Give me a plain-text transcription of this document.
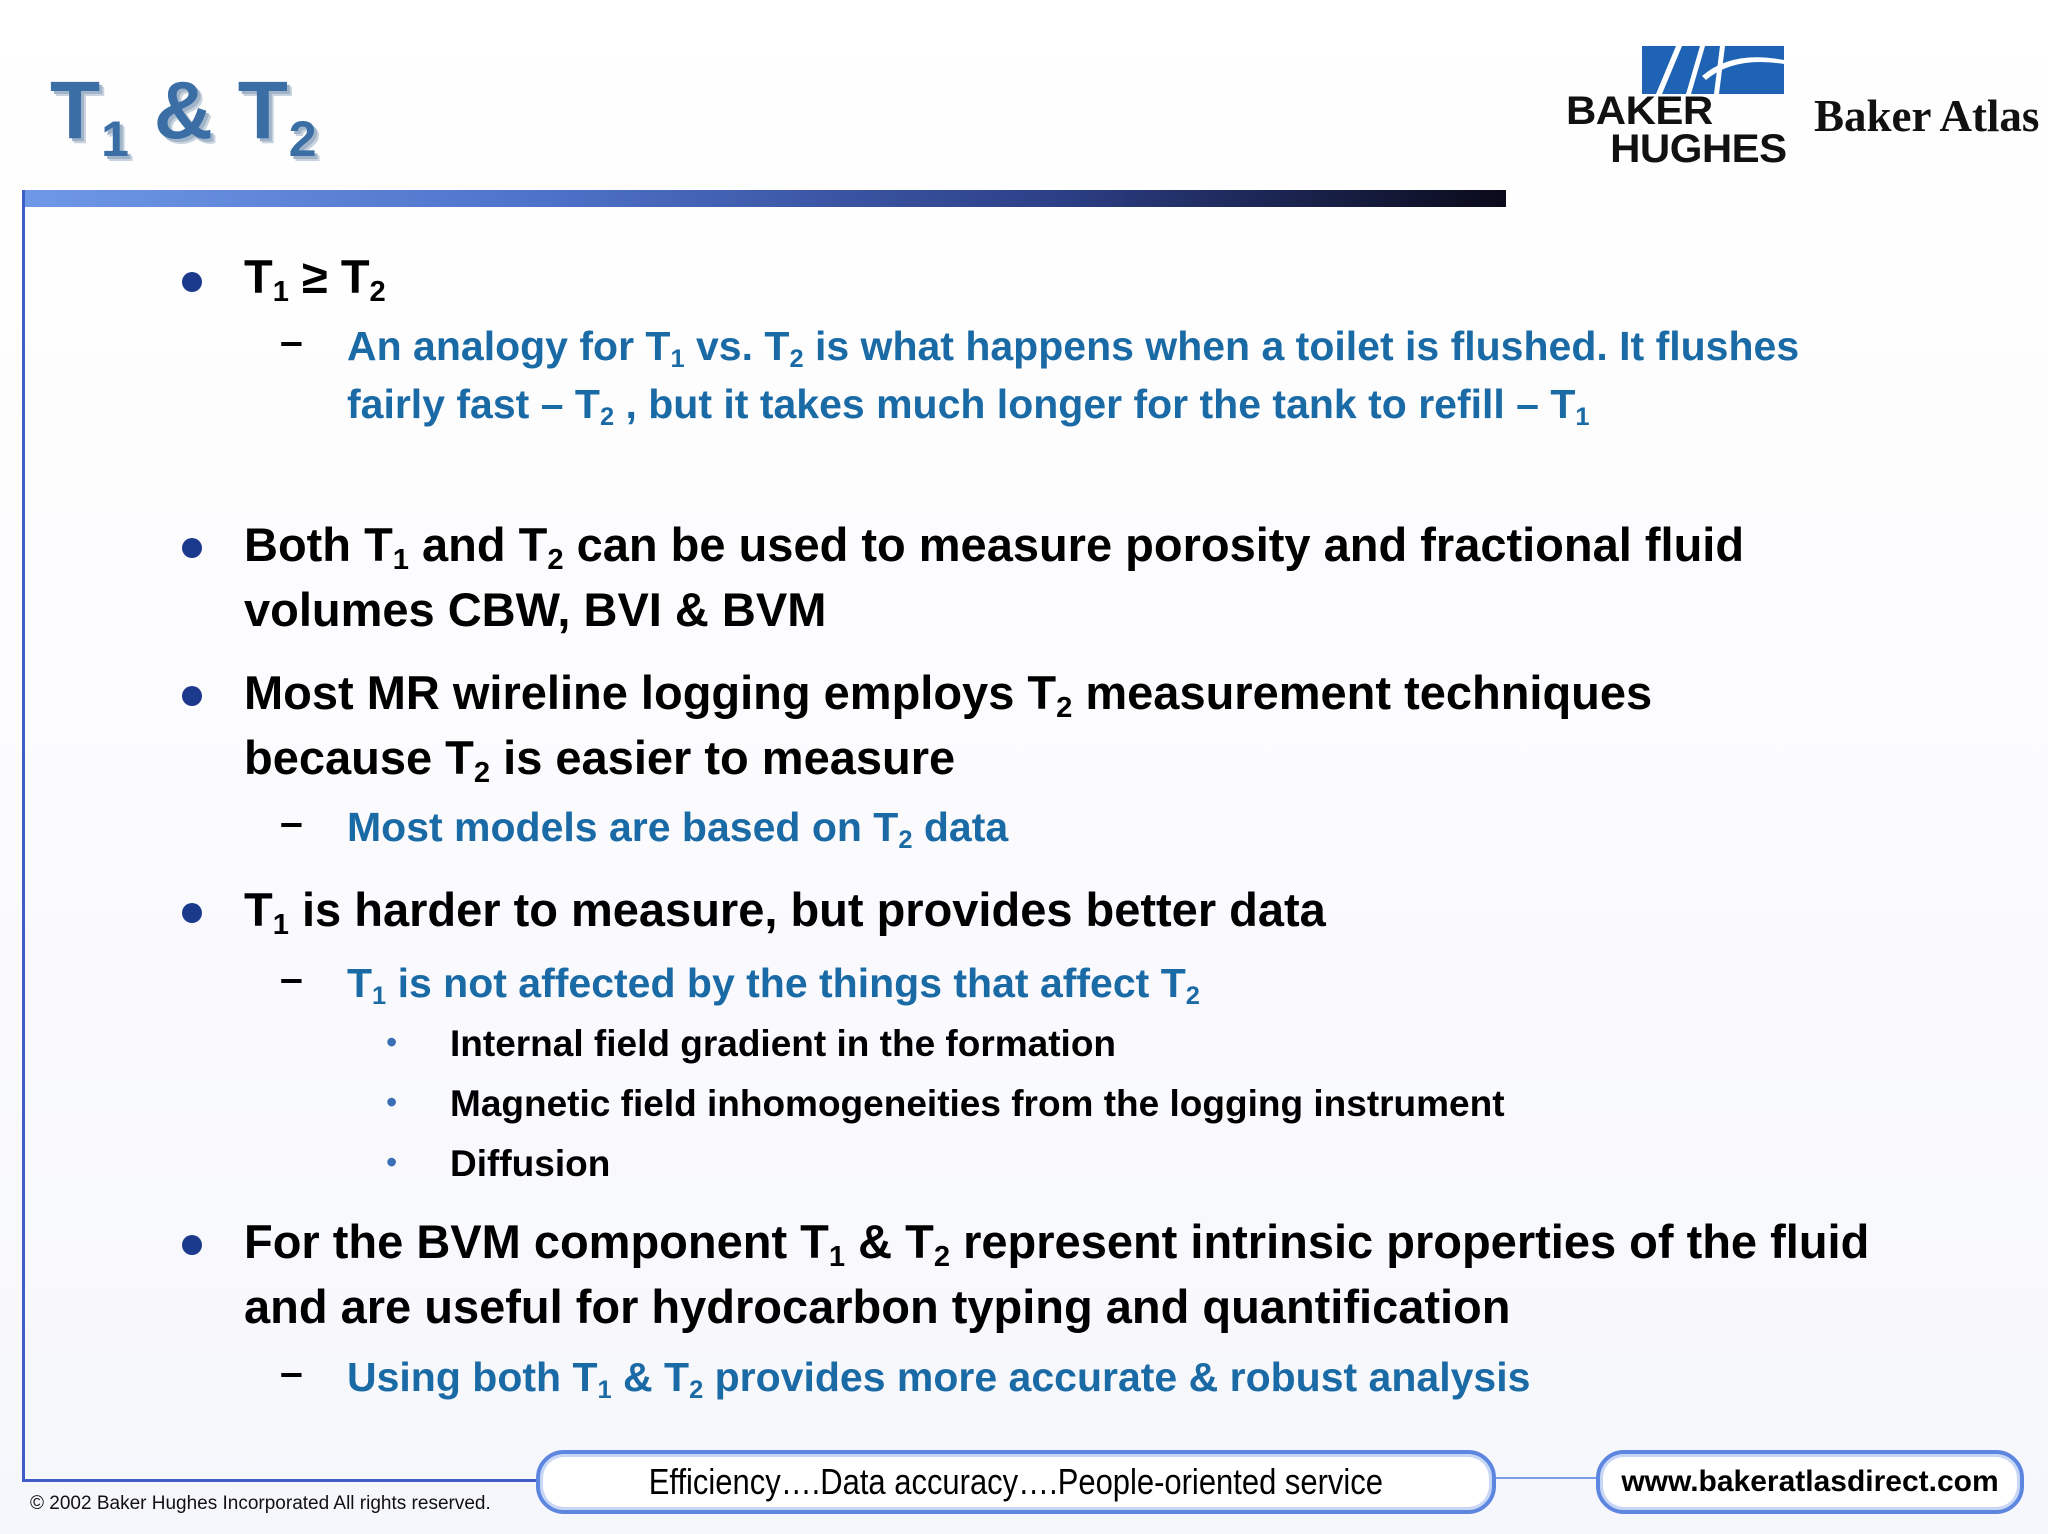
$T_1$ & $T_2$	BAKER
HUGHES
Baker Atlas
$T_1 \ge T_2$
– An analogy for $T_1$ vs. $T_2$ is what happens when a toilet is flushed. It flushes fairly fast – $T_2$ , but it takes much longer for the tank to refill – $T_1$
Both $T_1$ and $T_2$ can be used to measure porosity and fractional fluid volumes CBW, BVI & BVM
Most MR wireline logging employs $T_2$ measurement techniques because $T_2$ is easier to measure
– Most models are based on $T_2$ data
$T_1$ is harder to measure, but provides better data
– $T_1$ is not affected by the things that affect $T_2$
• Internal field gradient in the formation
• Magnetic field inhomogeneities from the logging instrument
• Diffusion
For the BVM component $T_1$ & $T_2$ represent intrinsic properties of the fluid and are useful for hydrocarbon typing and quantification
– Using both $T_1$ & $T_2$ provides more accurate & robust analysis
© 2002 Baker Hughes Incorporated All rights reserved.
Efficiency….Data accuracy….People-oriented service	www.bakeratlasdirect.com
